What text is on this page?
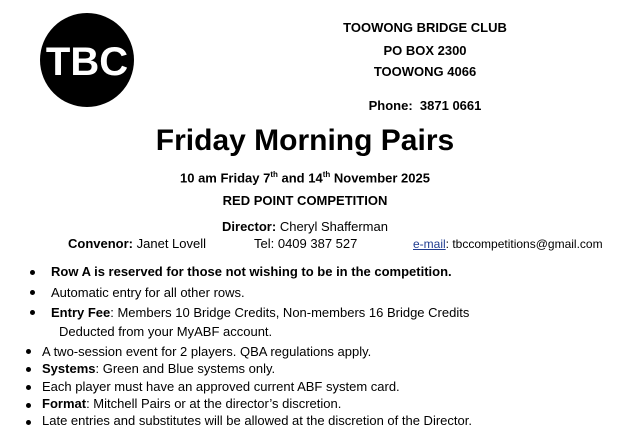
TBC
TOOWONG BRIDGE CLUB
PO BOX 2300
TOOWONG 4066
Phone: 3871 0661
Friday Morning Pairs
10 am Friday 7th and 14th November 2025
RED POINT COMPETITION
Director: Cheryl Shafferman
Convenor: Janet Lovell	Tel: 0409 387 527	e-mail: tbccompetitions@gmail.com
Row A is reserved for those not wishing to be in the competition.
Automatic entry for all other rows.
Entry Fee: Members 10 Bridge Credits, Non-members 16 Bridge Credits
Deducted from your MyABF account.
A two-session event for 2 players. QBA regulations apply.
Systems: Green and Blue systems only.
Each player must have an approved current ABF system card.
Format: Mitchell Pairs or at the director’s discretion.
Late entries and substitutes will be allowed at the discretion of the Director.
